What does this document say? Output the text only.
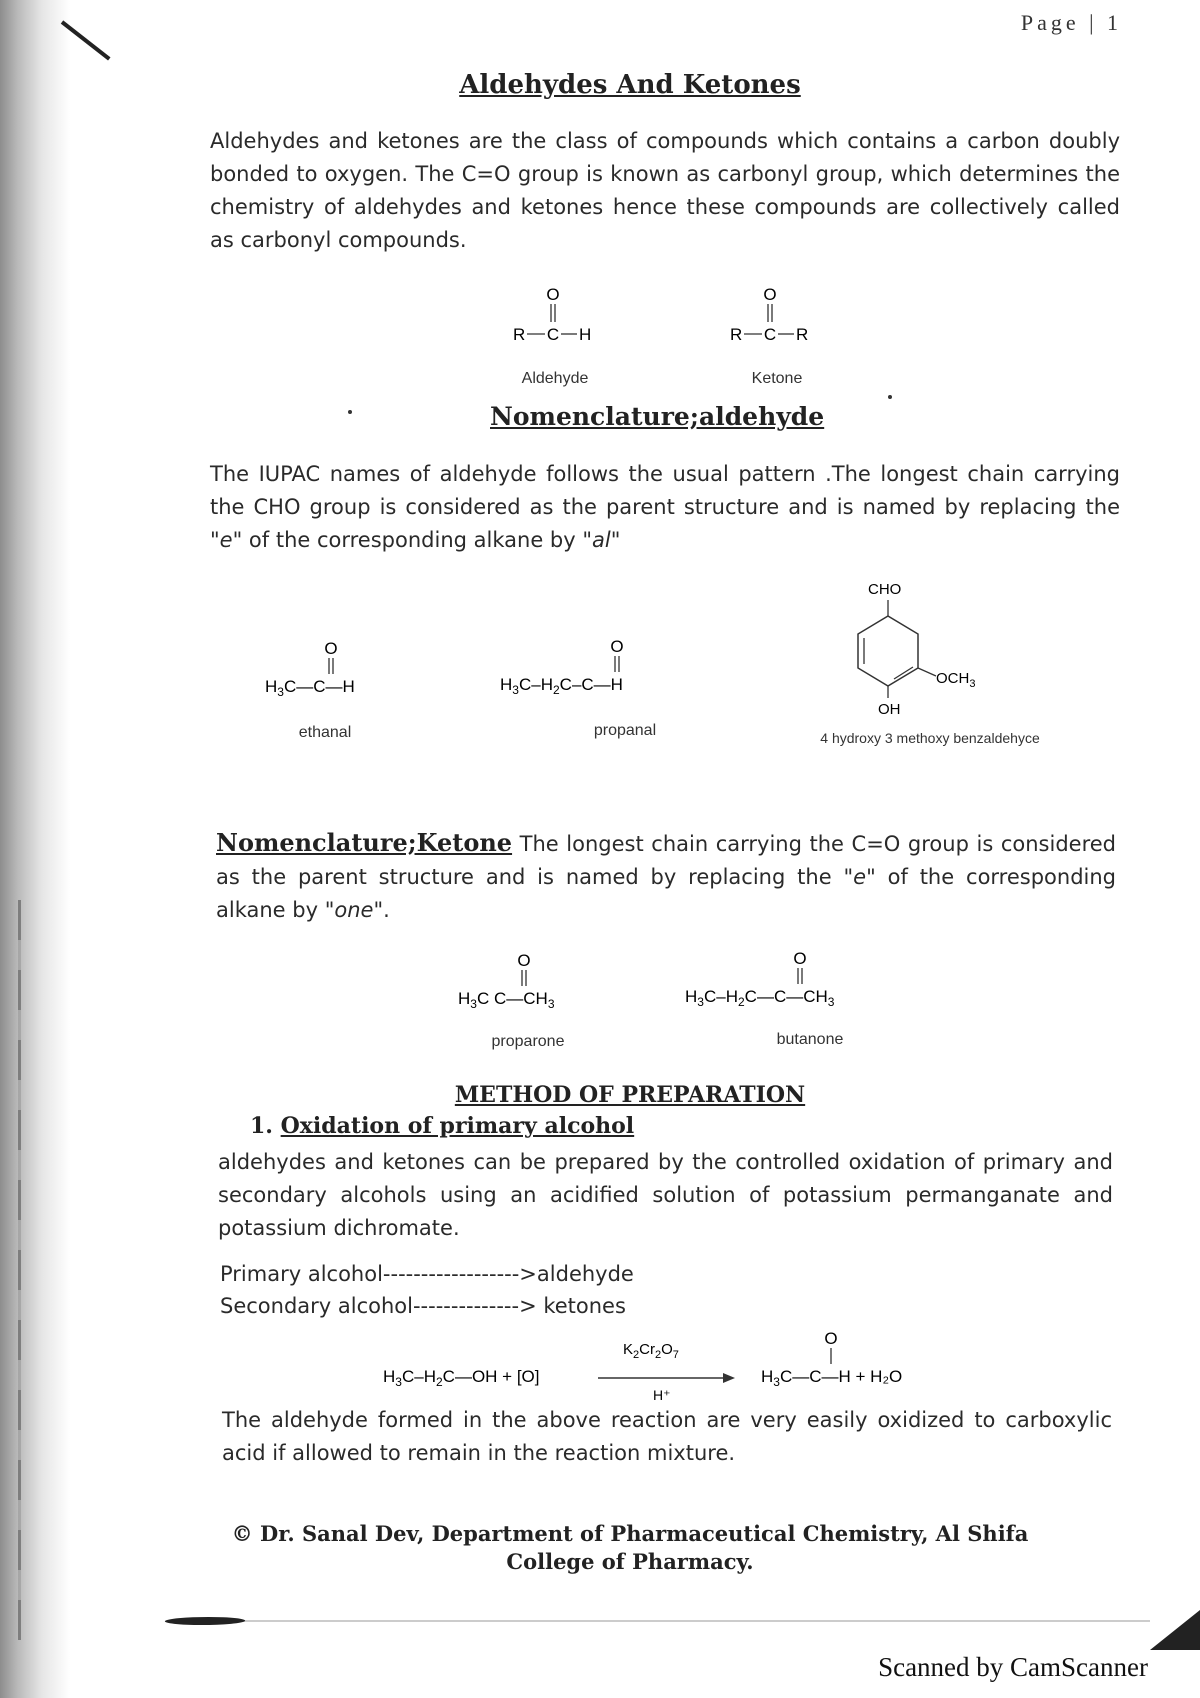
Page | 1
Aldehydes And Ketones
Aldehydes and ketones are the class of compounds which contains a carbon doubly bonded to oxygen. The C=O group is known as carbonyl group, which determines the chemistry of aldehydes and ketones hence these compounds are collectively called as carbonyl compounds.
O
R C H
Aldehyde
O
R C R
Ketone
Nomenclature;aldehyde
The IUPAC names of aldehyde follows the usual pattern .The longest chain carrying the CHO group is considered as the parent structure and is named by replacing the "e" of the corresponding alkane by "al"
O
$H_3C—C—H$
ethanal
O
$H_3C-H_2C-C—H$
propanal
CHO
$OCH_3$
OH
4 hydroxy 3 methoxy benzaldehyce
Nomenclature;Ketone The longest chain carrying the C=O group is considered as the parent structure and is named by replacing the "e" of the corresponding alkane by "one".
O
$H_3C$ $C—CH_3$
proparone
O
$H_3C-H_2C—C—CH_3$
butanone
METHOD OF PREPARATION
1. Oxidation of primary alcohol
aldehydes and ketones can be prepared by the controlled oxidation of primary and secondary alcohols using an acidified solution of potassium permanganate and potassium dichromate.
Primary alcohol------------------>aldehyde
Secondary alcohol--------------> ketones
$H_3C-H_2C—OH + [O]$
$K_2Cr_2O_7$
H⁺
O
$H_3C—C—H + H_2O$
The aldehyde formed in the above reaction are very easily oxidized to carboxylic acid if allowed to remain in the reaction mixture.
© Dr. Sanal Dev, Department of Pharmaceutical Chemistry, Al Shifa
College of Pharmacy.
Scanned by CamScanner
